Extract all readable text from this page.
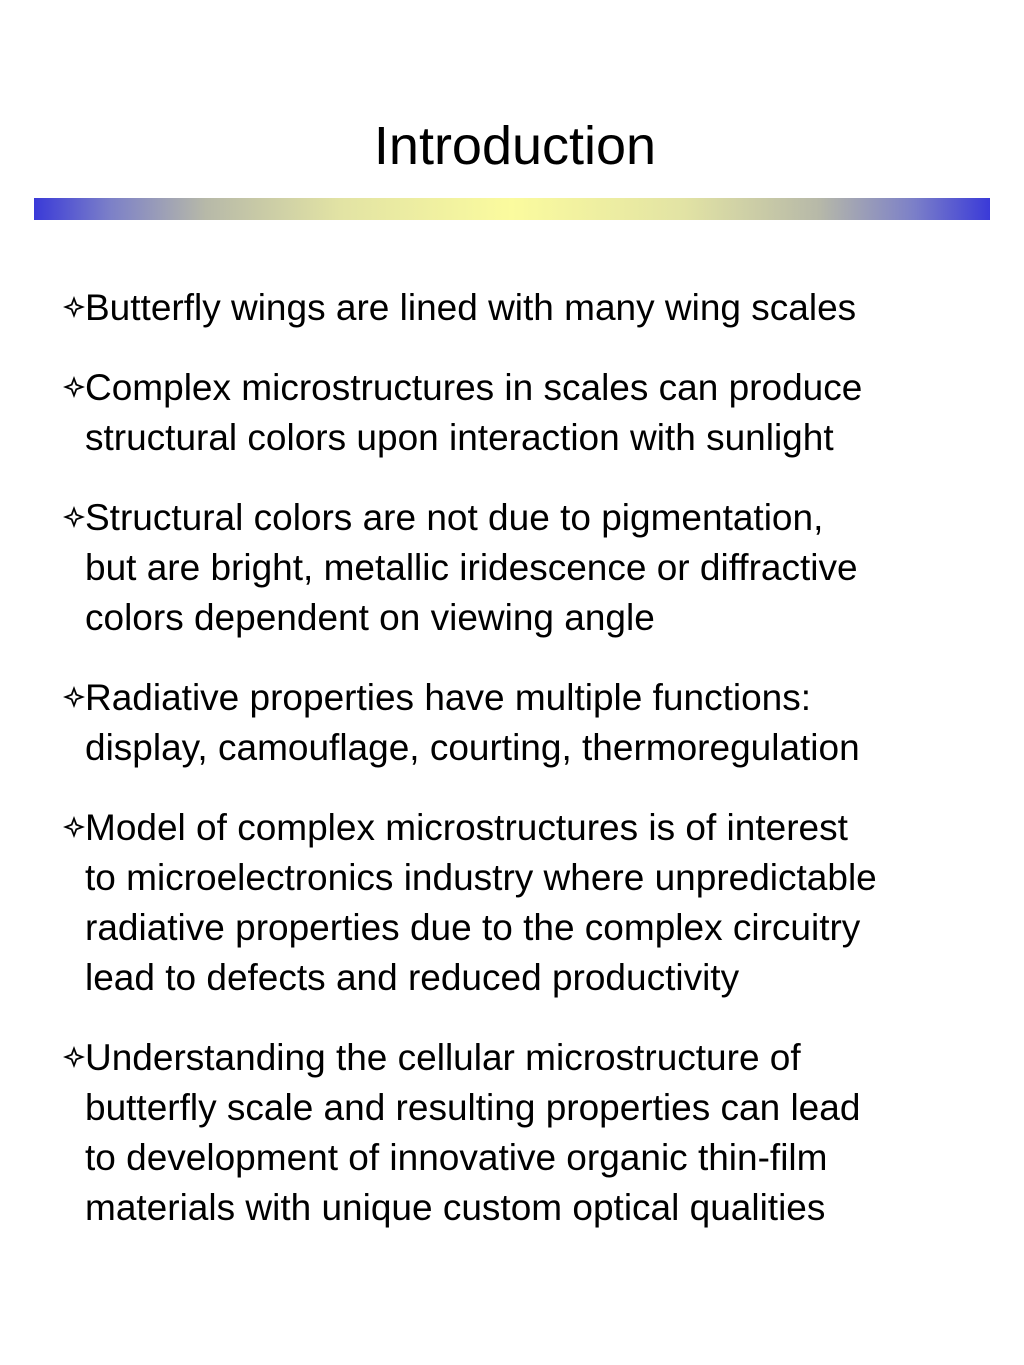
Introduction
Butterfly wings are lined with many wing scales
Complex microstructures in scales can produce
structural colors upon interaction with sunlight
Structural colors are not due to pigmentation,
but are bright, metallic iridescence or diffractive
colors dependent on viewing angle
Radiative properties have multiple functions:
display, camouflage, courting, thermoregulation
Model of complex microstructures is of interest
to microelectronics industry where unpredictable
radiative properties due to the complex circuitry
lead to defects and reduced productivity
Understanding the cellular microstructure of
butterfly scale and resulting properties can lead
to development of innovative organic thin-film
materials with unique custom optical qualities
